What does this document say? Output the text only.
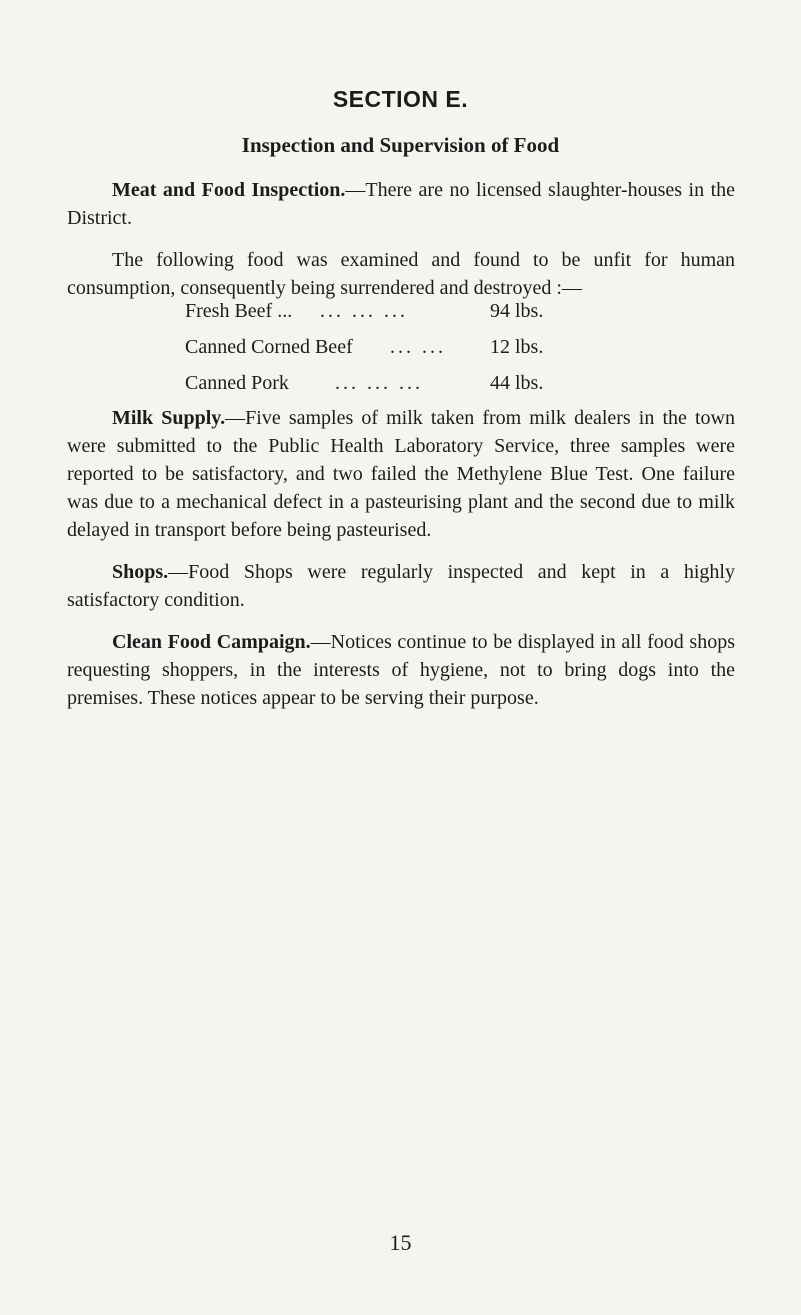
SECTION E.
Inspection and Supervision of Food

Meat and Food Inspection.—There are no licensed slaughter-houses in the District.

The following food was examined and found to be unfit for human consumption, consequently being surrendered and destroyed :—

Fresh Beef ... ... ... ...	94 lbs.
Canned Corned Beef ... ... 12 lbs.
Canned Pork ... ... ...	44 lbs.

Milk Supply.—Five samples of milk taken from milk dealers in the town were submitted to the Public Health Laboratory Service, three samples were reported to be satisfactory, and two failed the Methylene Blue Test. One failure was due to a mechanical defect in a pasteurising plant and the second due to milk delayed in transport before being pasteurised.

Shops.—Food Shops were regularly inspected and kept in a highly satisfactory condition.

Clean Food Campaign.—Notices continue to be displayed in all food shops requesting shoppers, in the interests of hygiene, not to bring dogs into the premises. These notices appear to be serving their purpose.

15
